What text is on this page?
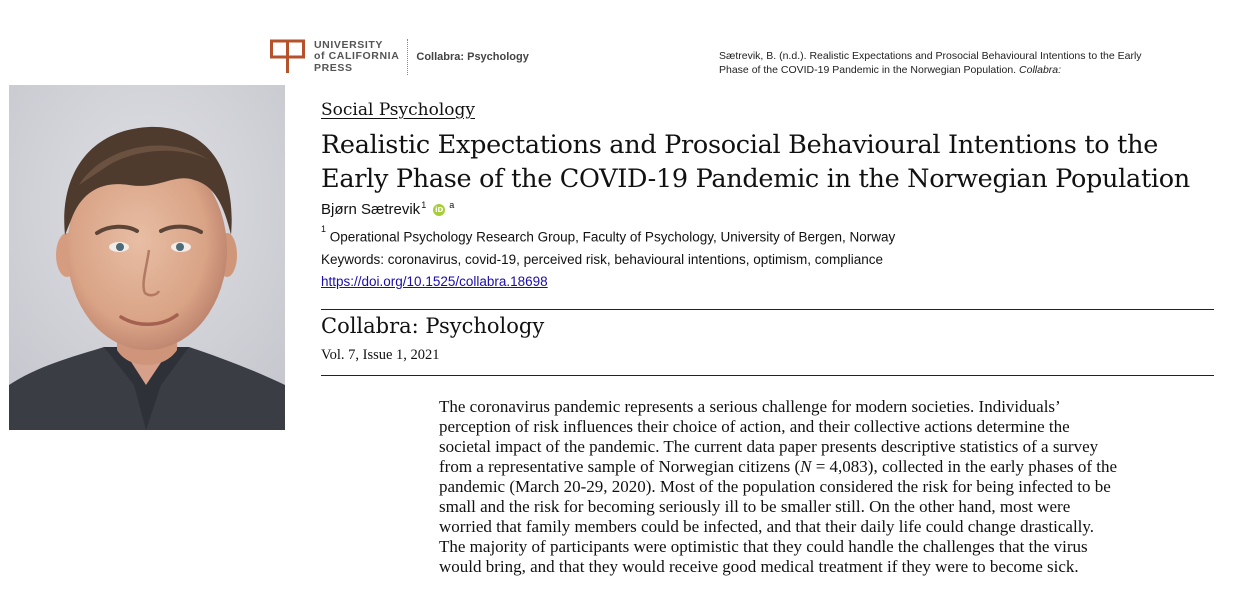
UNIVERSITY
of CALIFORNIA
PRESS
Collabra: Psychology	Sætrevik, B. (n.d.). Realistic Expectations and Prosocial Behavioural Intentions to the Early Phase of the COVID-19 Pandemic in the Norwegian Population. Collabra:
Social Psychology
Realistic Expectations and Prosocial Behavioural Intentions to the Early Phase of the COVID-19 Pandemic in the Norwegian Population
Bjørn Sætrevik$^1$ iD $^a$
$^1$ Operational Psychology Research Group, Faculty of Psychology, University of Bergen, Norway
Keywords: coronavirus, covid-19, perceived risk, behavioural intentions, optimism, compliance
https://doi.org/10.1525/collabra.18698
Collabra: Psychology
Vol. 7, Issue 1, 2021

The coronavirus pandemic represents a serious challenge for modern societies. Individuals’ perception of risk influences their choice of action, and their collective actions determine the societal impact of the pandemic. The current data paper presents descriptive statistics of a survey from a representative sample of Norwegian citizens (N = 4,083), collected in the early phases of the pandemic (March 20-29, 2020). Most of the population considered the risk for being infected to be small and the risk for becoming seriously ill to be smaller still. On the other hand, most were worried that family members could be infected, and that their daily life could change drastically. The majority of participants were optimistic that they could handle the challenges that the virus would bring, and that they would receive good medical treatment if they were to become sick.
